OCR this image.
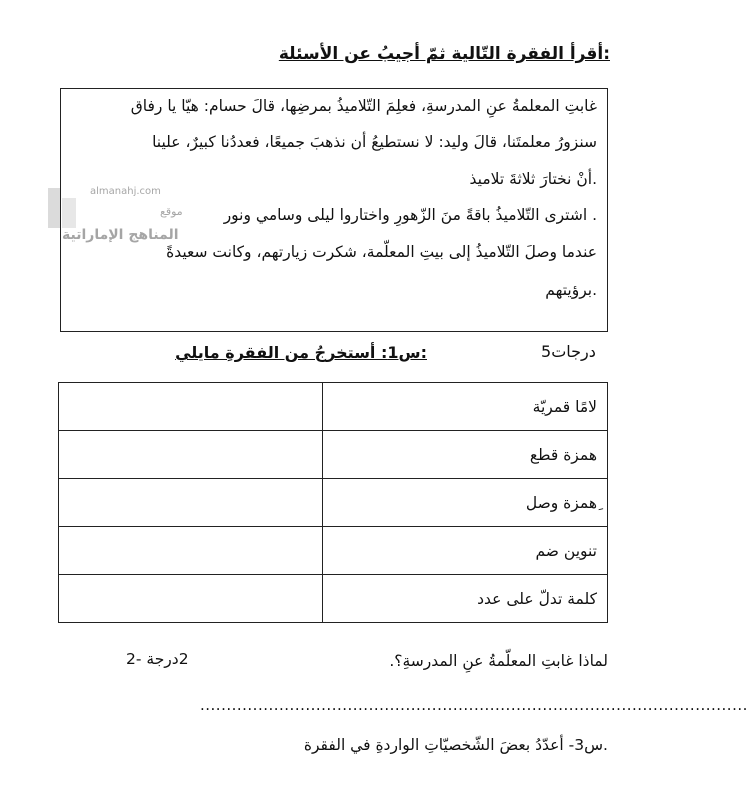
:أقرأ الفقرة التّالية ثمّ أجيبُ عن الأسئلة
غابتِ المعلمةُ عنِ المدرسةِ، فعلِمَ التّلاميذُ بمرضِها، قالَ حسام: هيّا يا رفاق
سنزورُ معلمتَنا، قالَ وليد: لا نستطيعُ أن نذهبَ جميعًا، فعددُنا كبيرٌ، علينا
.أنْ نختارَ ثلاثةَ تلاميذ
. اشترى التّلاميذُ باقةً منَ الزّهورِ واختاروا ليلى وسامي ونور
عندما وصلَ التّلاميذُ إلى بيتِ المعلّمة، شكرت زيارتهم، وكانت سعيدةً
.برؤيتهم
almanahj.com
موقع
المناهج الإماراتية
درجات5
:س1: أستخرجُ من الفقرةِ مايلي
	لامًا قمريّة
	همزة قطع
	ِهمزة وصل
	تنوين ضم
	كلمة تدلّ على عدد
2درجة -2	لماذا غابتِ المعلّمةُ عنِ المدرسةِ؟.
........................................................................................................
.س3- أعدّدُ بعضَ الشّخصيّاتِ الواردةِ في الفقرة
